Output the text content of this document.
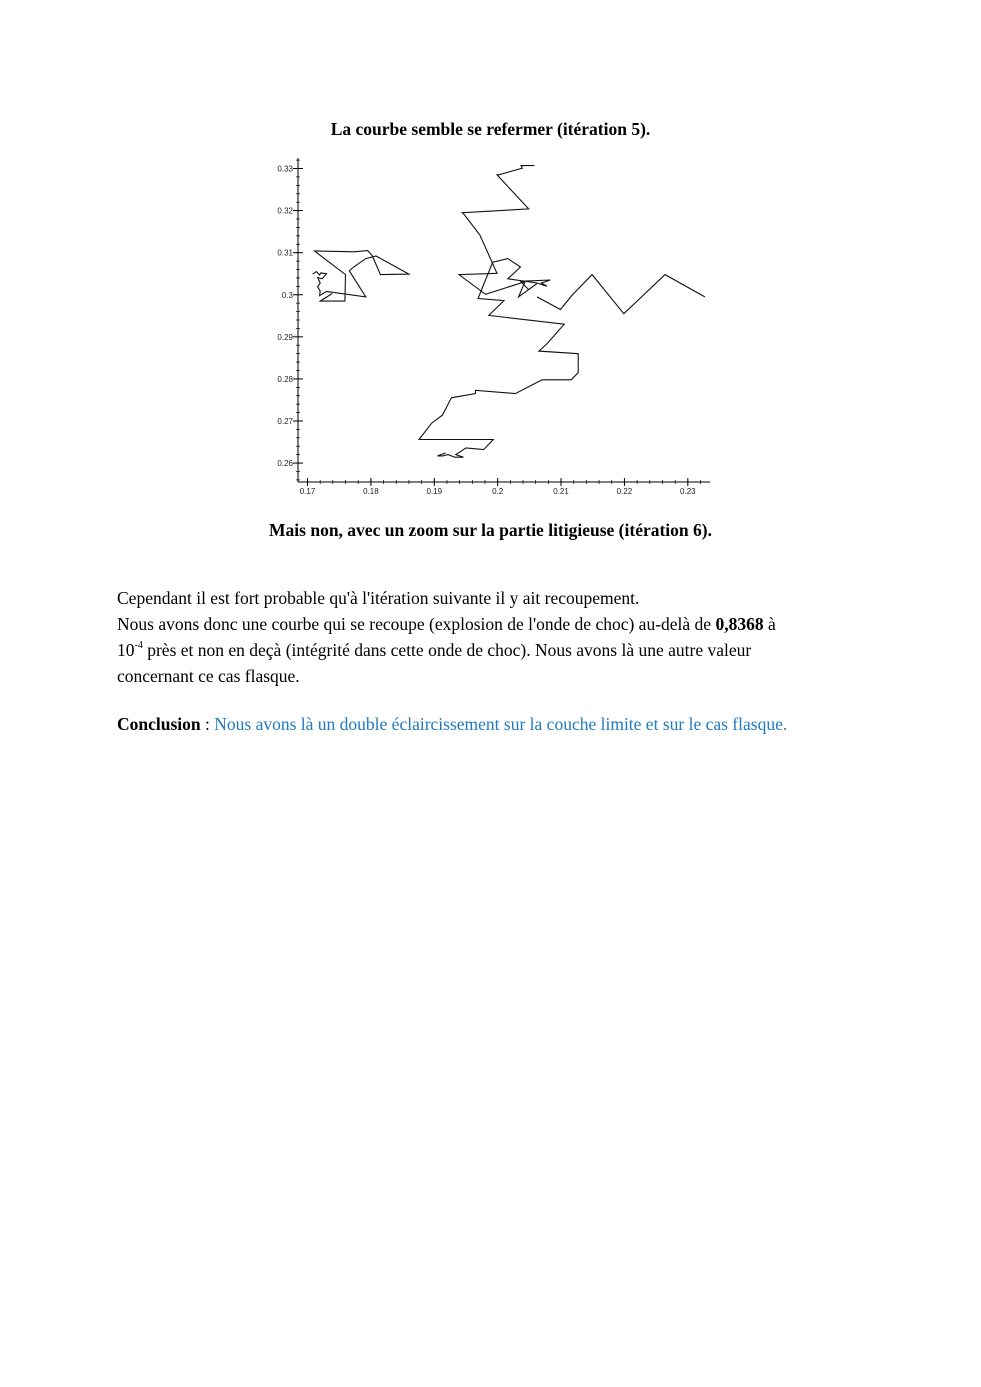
La courbe semble se refermer (itération 5).
0.17	0.18	0.19	0.2	0.21	0.22	0.23
0.26
0.27
0.28
0.29
0.3
0.31
0.32
0.33
Mais non, avec un zoom sur la partie litigieuse (itération 6).
Cependant il est fort probable qu'à l'itération suivante il y ait recoupement.
Nous avons donc une courbe qui se recoupe (explosion de l'onde de choc) au-delà de 0,8368 à
$10^{-4}$ près et non en deçà (intégrité dans cette onde de choc). Nous avons là une autre valeur
concernant ce cas flasque.
Conclusion : Nous avons là un double éclaircissement sur la couche limite et sur le cas flasque.
